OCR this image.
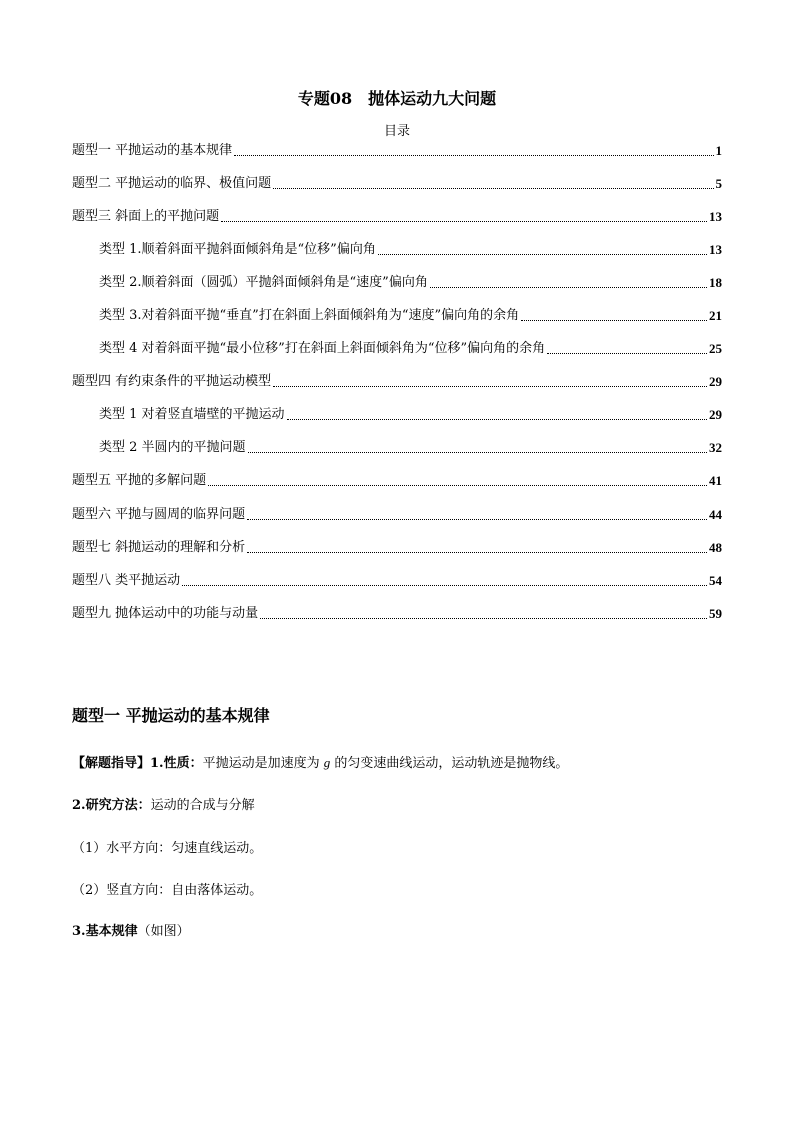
专题08　抛体运动九大问题
目录
题型一 平抛运动的基本规律	1
题型二 平抛运动的临界、极值问题	5
题型三 斜面上的平抛问题	13
类型 1.顺着斜面平抛斜面倾斜角是“位移”偏向角	13
类型 2.顺着斜面（圆弧）平抛斜面倾斜角是“速度”偏向角	18
类型 3.对着斜面平抛“垂直”打在斜面上斜面倾斜角为“速度”偏向角的余角	21
类型 4 对着斜面平抛“最小位移”打在斜面上斜面倾斜角为“位移”偏向角的余角	25
题型四 有约束条件的平抛运动模型	29
类型 1 对着竖直墙壁的平抛运动	29
类型 2 半圆内的平抛问题	32
题型五 平抛的多解问题	41
题型六 平抛与圆周的临界问题	44
题型七 斜抛运动的理解和分析	48
题型八 类平抛运动	54
题型九 抛体运动中的功能与动量	59
题型一 平抛运动的基本规律
【解题指导】1.性质：平抛运动是加速度为 g 的匀变速曲线运动，运动轨迹是抛物线。
2.研究方法：运动的合成与分解
（1）水平方向：匀速直线运动。
（2）竖直方向：自由落体运动。
3.基本规律（如图）
